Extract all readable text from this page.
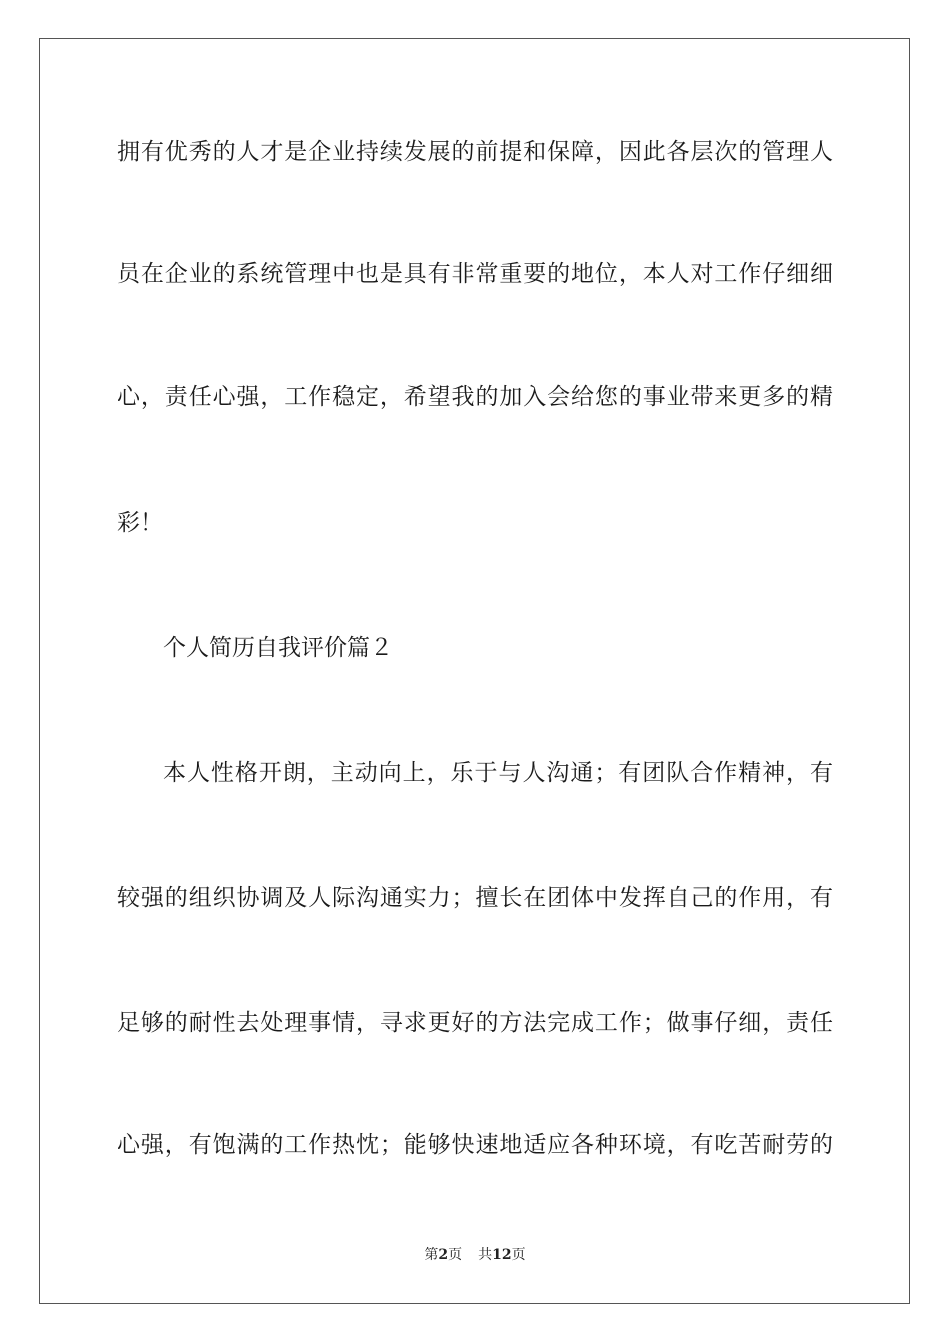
拥有优秀的人才是企业持续发展的前提和保障，因此各层次的管理人
员在企业的系统管理中也是具有非常重要的地位，本人对工作仔细细
心，责任心强，工作稳定，希望我的加入会给您的事业带来更多的精
彩！
个人简历自我评价篇２
本人性格开朗，主动向上，乐于与人沟通；有团队合作精神，有
较强的组织协调及人际沟通实力；擅长在团体中发挥自己的作用，有
足够的耐性去处理事情，寻求更好的方法完成工作；做事仔细，责任
心强，有饱满的工作热忱；能够快速地适应各种环境，有吃苦耐劳的
第2页 共12页
